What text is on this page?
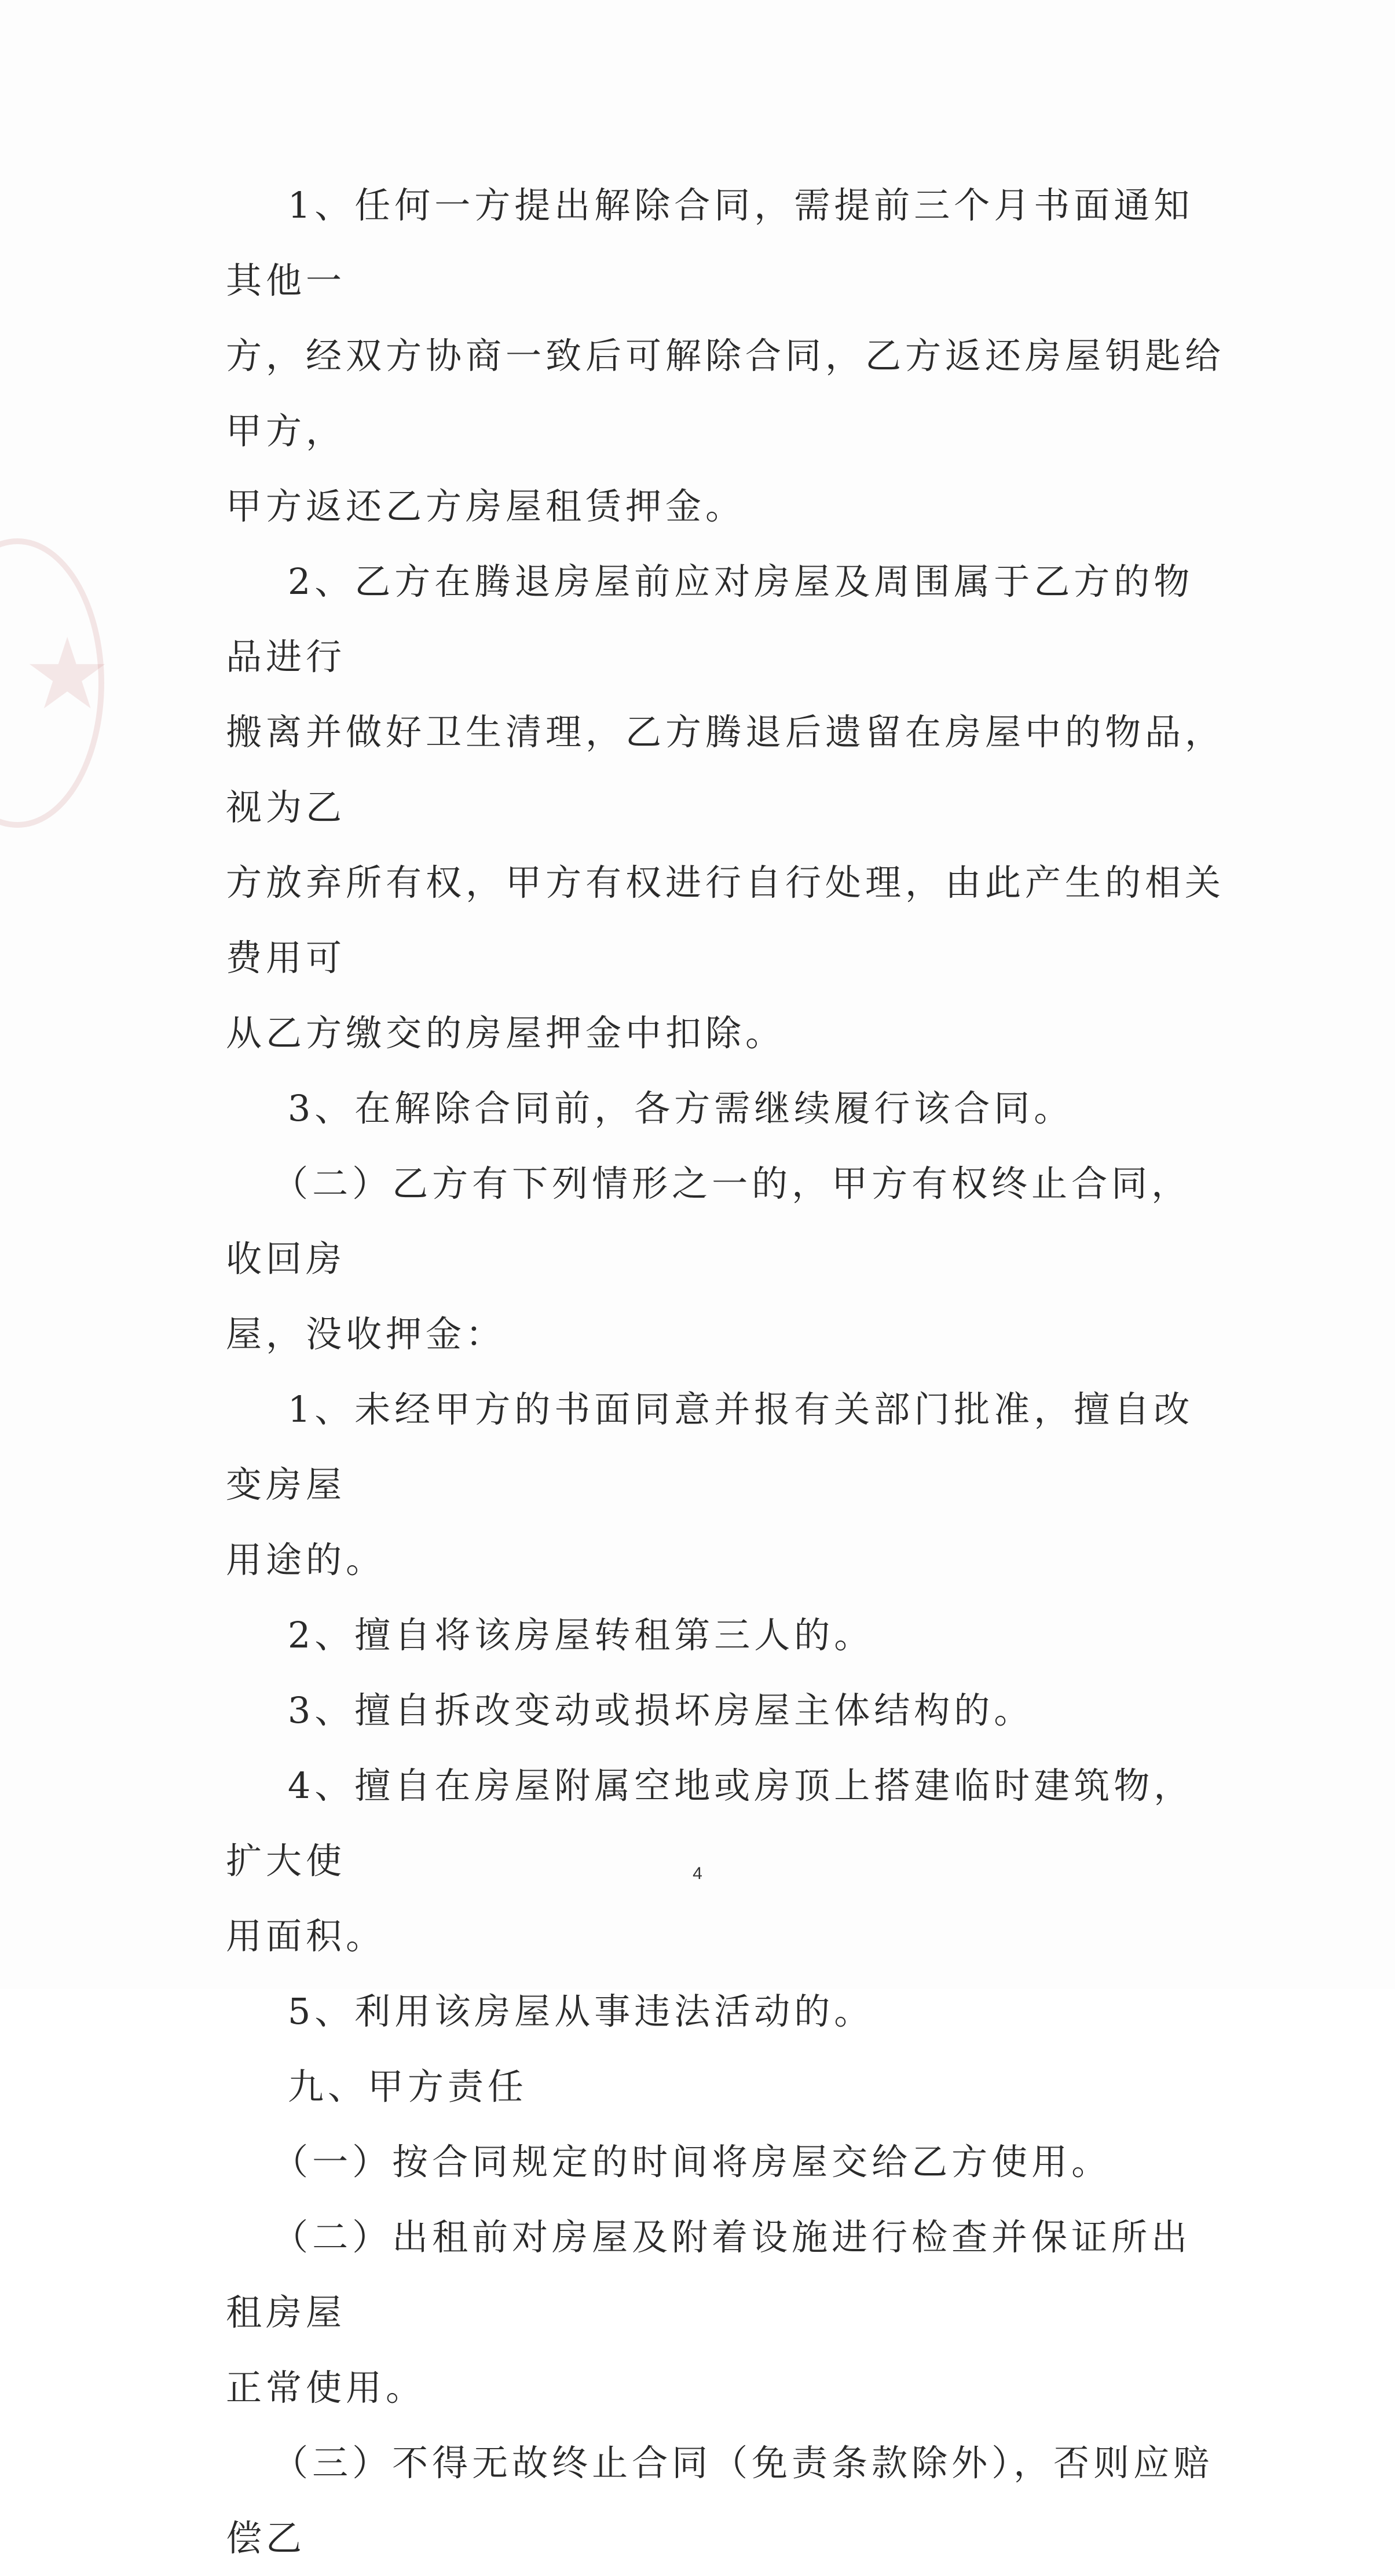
★

1、任何一方提出解除合同，需提前三个月书面通知其他一

方，经双方协商一致后可解除合同，乙方返还房屋钥匙给甲方，

甲方返还乙方房屋租赁押金。

2、乙方在腾退房屋前应对房屋及周围属于乙方的物品进行

搬离并做好卫生清理，乙方腾退后遗留在房屋中的物品，视为乙

方放弃所有权，甲方有权进行自行处理，由此产生的相关费用可

从乙方缴交的房屋押金中扣除。

3、在解除合同前，各方需继续履行该合同。

（二）乙方有下列情形之一的，甲方有权终止合同，收回房

屋，没收押金：

1、未经甲方的书面同意并报有关部门批准，擅自改变房屋

用途的。

2、擅自将该房屋转租第三人的。

3、擅自拆改变动或损坏房屋主体结构的。

4、擅自在房屋附属空地或房顶上搭建临时建筑物，扩大使

用面积。

5、利用该房屋从事违法活动的。

九、甲方责任

（一）按合同规定的时间将房屋交给乙方使用。

（二）出租前对房屋及附着设施进行检查并保证所出租房屋

正常使用。

（三）不得无故终止合同（免责条款除外），否则应赔偿乙

4
